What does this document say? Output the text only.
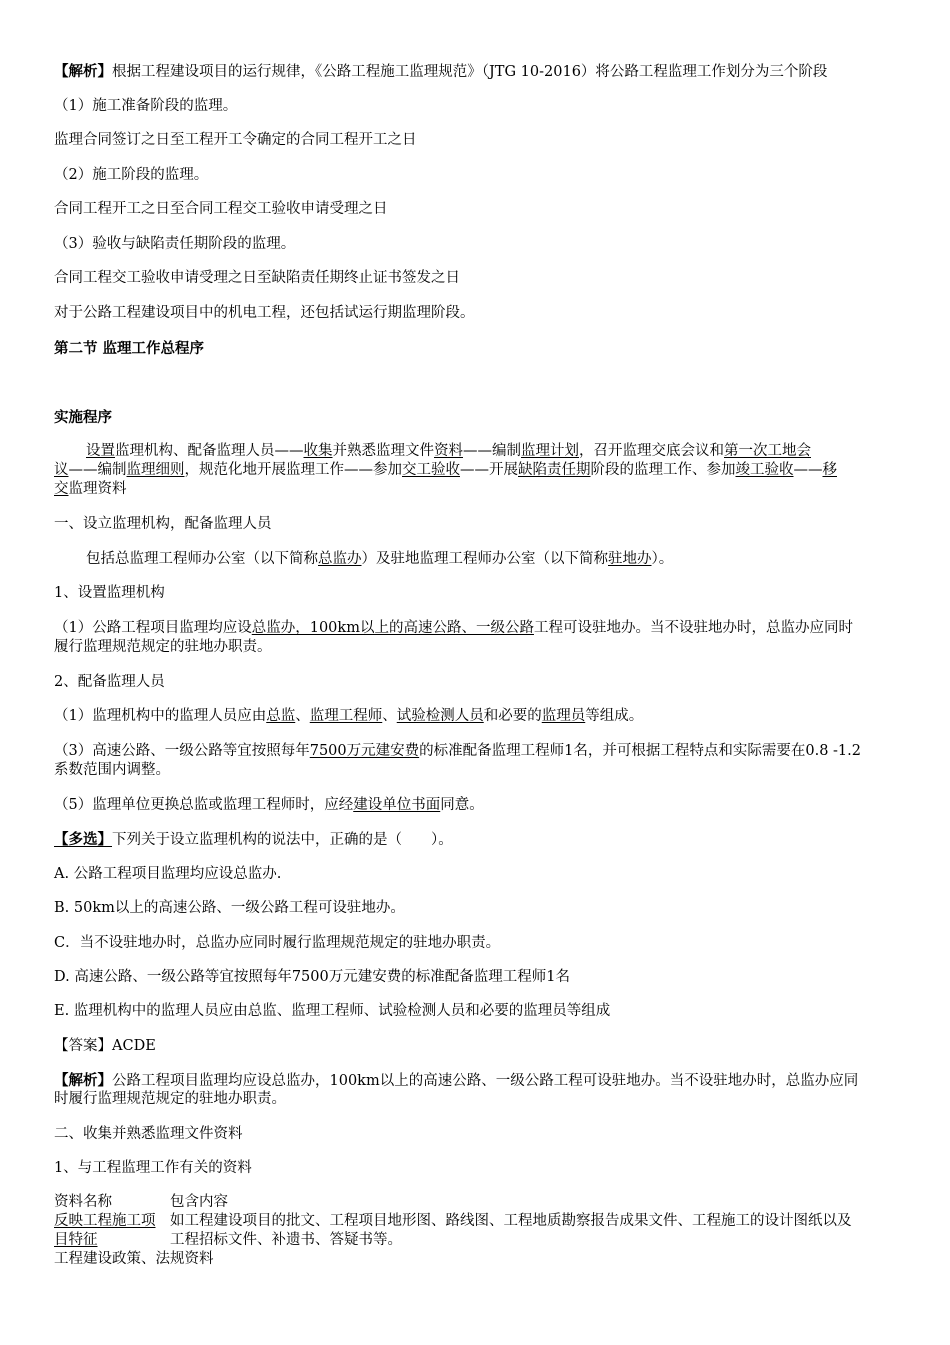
【解析】根据工程建设项目的运行规律，《公路工程施工监理规范》（JTG 10-2016）将公路工程监理工作划分为三个阶段
（1）施工准备阶段的监理。
监理合同签订之日至工程开工令确定的合同工程开工之日
（2）施工阶段的监理。
合同工程开工之日至合同工程交工验收申请受理之日
（3）验收与缺陷责任期阶段的监理。
合同工程交工验收申请受理之日至缺陷责任期终止证书签发之日
对于公路工程建设项目中的机电工程，还包括试运行期监理阶段。
第二节 监理工作总程序
实施程序
设置监理机构、配备监理人员——收集并熟悉监理文件资料——编制监理计划，召开监理交底会议和第一次工地会
议——编制监理细则，规范化地开展监理工作——参加交工验收——开展缺陷责任期阶段的监理工作、参加竣工验收——移
交监理资料
一、设立监理机构，配备监理人员
包括总监理工程师办公室（以下简称总监办）及驻地监理工程师办公室（以下简称驻地办）。
1、设置监理机构
（1）公路工程项目监理均应设总监办，100km以上的高速公路、一级公路工程可设驻地办。当不设驻地办时，总监办应同时
履行监理规范规定的驻地办职责。
2、配备监理人员
（1）监理机构中的监理人员应由总监、监理工程师、试验检测人员和必要的监理员等组成。
（3）高速公路、一级公路等宜按照每年7500万元建安费的标准配备监理工程师1名，并可根据工程特点和实际需要在0.8 -1.2
系数范围内调整。
（5）监理单位更换总监或监理工程师时，应经建设单位书面同意。
【多选】下列关于设立监理机构的说法中，正确的是（　　）。
A. 公路工程项目监理均应设总监办.
B. 50km以上的高速公路、一级公路工程可设驻地办。
C．当不设驻地办时，总监办应同时履行监理规范规定的驻地办职责。
D. 高速公路、一级公路等宜按照每年7500万元建安费的标准配备监理工程师1名
E. 监理机构中的监理人员应由总监、监理工程师、试验检测人员和必要的监理员等组成
【答案】ACDE
【解析】公路工程项目监理均应设总监办，100km以上的高速公路、一级公路工程可设驻地办。当不设驻地办时，总监办应同
时履行监理规范规定的驻地办职责。
二、收集并熟悉监理文件资料
1、与工程监理工作有关的资料
资料名称	包含内容
反映工程施工项
目特征
如工程建设项目的批文、工程项目地形图、路线图、工程地质勘察报告成果文件、工程施工的设计图纸以及
工程招标文件、补遗书、答疑书等。
工程建设政策、法规资料
